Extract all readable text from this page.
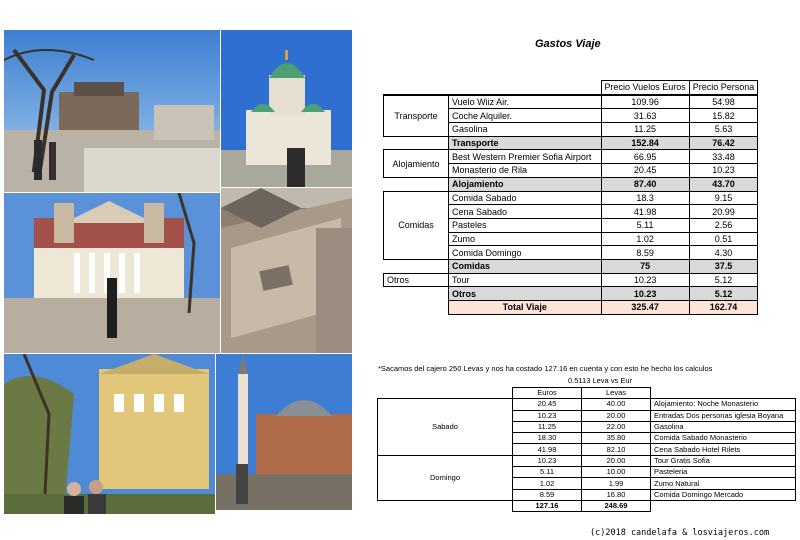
Gastos Viaje
		Precio Vuelos Euros	Precio Persona
Transporte	Vuelo Wiiz Air.	109.96	54.98
	Coche Alquiler.	31.63	15.82
	Gasolina	11.25	5.63
	Transporte	152.84	76.42
Alojamiento	Best Western Premier Sofia Airport	66.95	33.48
	Monasterio de Rila	20.45	10.23
	Alojamiento	87.40	43.70
Comidas	Comida Sabado	18.3	9.15
	Cena Sabado	41.98	20.99
	Pasteles	5.11	2.56
	Zumo	1.02	0.51
	Comida Domingo	8.59	4.30
	Comidas	75	37.5
Otros	Tour	10.23	5.12
	Otros	10.23	5.12
	Total Viaje	325.47	162.74
*Sacamos del cajero 250 Levas y nos ha costado 127.16 en cuenta y con esto he hecho los calculos
0.5113 Leva vs Eur
	Euros	Levas	
Sabado	20.45	40.00	Alojamiento: Noche Monasterio
	10.23	20.00	Entradas Dos personas iglesia Boyana
	11.25	22.00	Gasolina
	18.30	35.80	Comida Sabado Monasterio
	41.98	82.10	Cena Sabado Hotel Rilets
Domingo	10.23	20.00	Tour Gratis Sofia
	5.11	10.00	Pasteleria
	1.02	1.99	Zumo Natural
	8.59	16.80	Comida Domingo Mercado
	127.16	248.69	
(c)2018 candelafa & losviajeros.com
